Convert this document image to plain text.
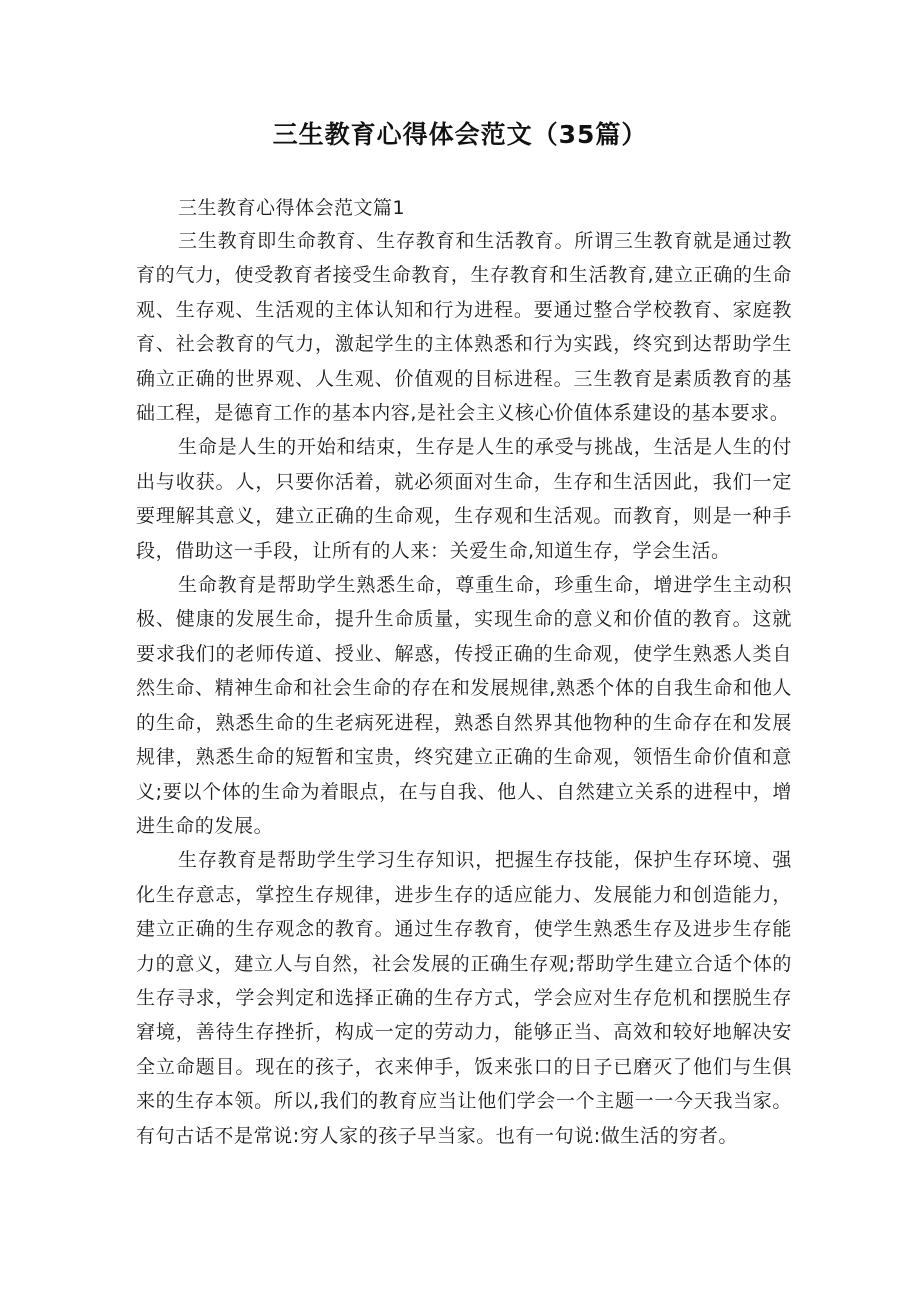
三生教育心得体会范文（35篇）

三生教育心得体会范文篇1

三生教育即生命教育、生存教育和生活教育。所谓三生教育就是通过教育的气力，使受教育者接受生命教育，生存教育和生活教育,建立正确的生命观、生存观、生活观的主体认知和行为进程。要通过整合学校教育、家庭教育、社会教育的气力，激起学生的主体熟悉和行为实践，终究到达帮助学生确立正确的世界观、人生观、价值观的目标进程。三生教育是素质教育的基础工程，是德育工作的基本内容,是社会主义核心价值体系建设的基本要求。

生命是人生的开始和结束，生存是人生的承受与挑战，生活是人生的付出与收获。人，只要你活着，就必须面对生命，生存和生活因此，我们一定要理解其意义，建立正确的生命观，生存观和生活观。而教育，则是一种手段，借助这一手段，让所有的人来：关爱生命,知道生存，学会生活。

生命教育是帮助学生熟悉生命，尊重生命，珍重生命，增进学生主动积极、健康的发展生命，提升生命质量，实现生命的意义和价值的教育。这就要求我们的老师传道、授业、解惑，传授正确的生命观，使学生熟悉人类自然生命、精神生命和社会生命的存在和发展规律,熟悉个体的自我生命和他人的生命，熟悉生命的生老病死进程，熟悉自然界其他物种的生命存在和发展规律，熟悉生命的短暂和宝贵，终究建立正确的生命观，领悟生命价值和意义;要以个体的生命为着眼点，在与自我、他人、自然建立关系的进程中，增进生命的发展。

生存教育是帮助学生学习生存知识，把握生存技能，保护生存环境、强化生存意志，掌控生存规律，进步生存的适应能力、发展能力和创造能力，建立正确的生存观念的教育。通过生存教育，使学生熟悉生存及进步生存能力的意义，建立人与自然，社会发展的正确生存观;帮助学生建立合适个体的生存寻求，学会判定和选择正确的生存方式，学会应对生存危机和摆脱生存窘境，善待生存挫折，构成一定的劳动力，能够正当、高效和较好地解决安全立命题目。现在的孩子，衣来伸手，饭来张口的日子已磨灭了他们与生俱来的生存本领。所以,我们的教育应当让他们学会一个主题一一今天我当家。有句古话不是常说:穷人家的孩子早当家。也有一句说:做生活的穷者。
